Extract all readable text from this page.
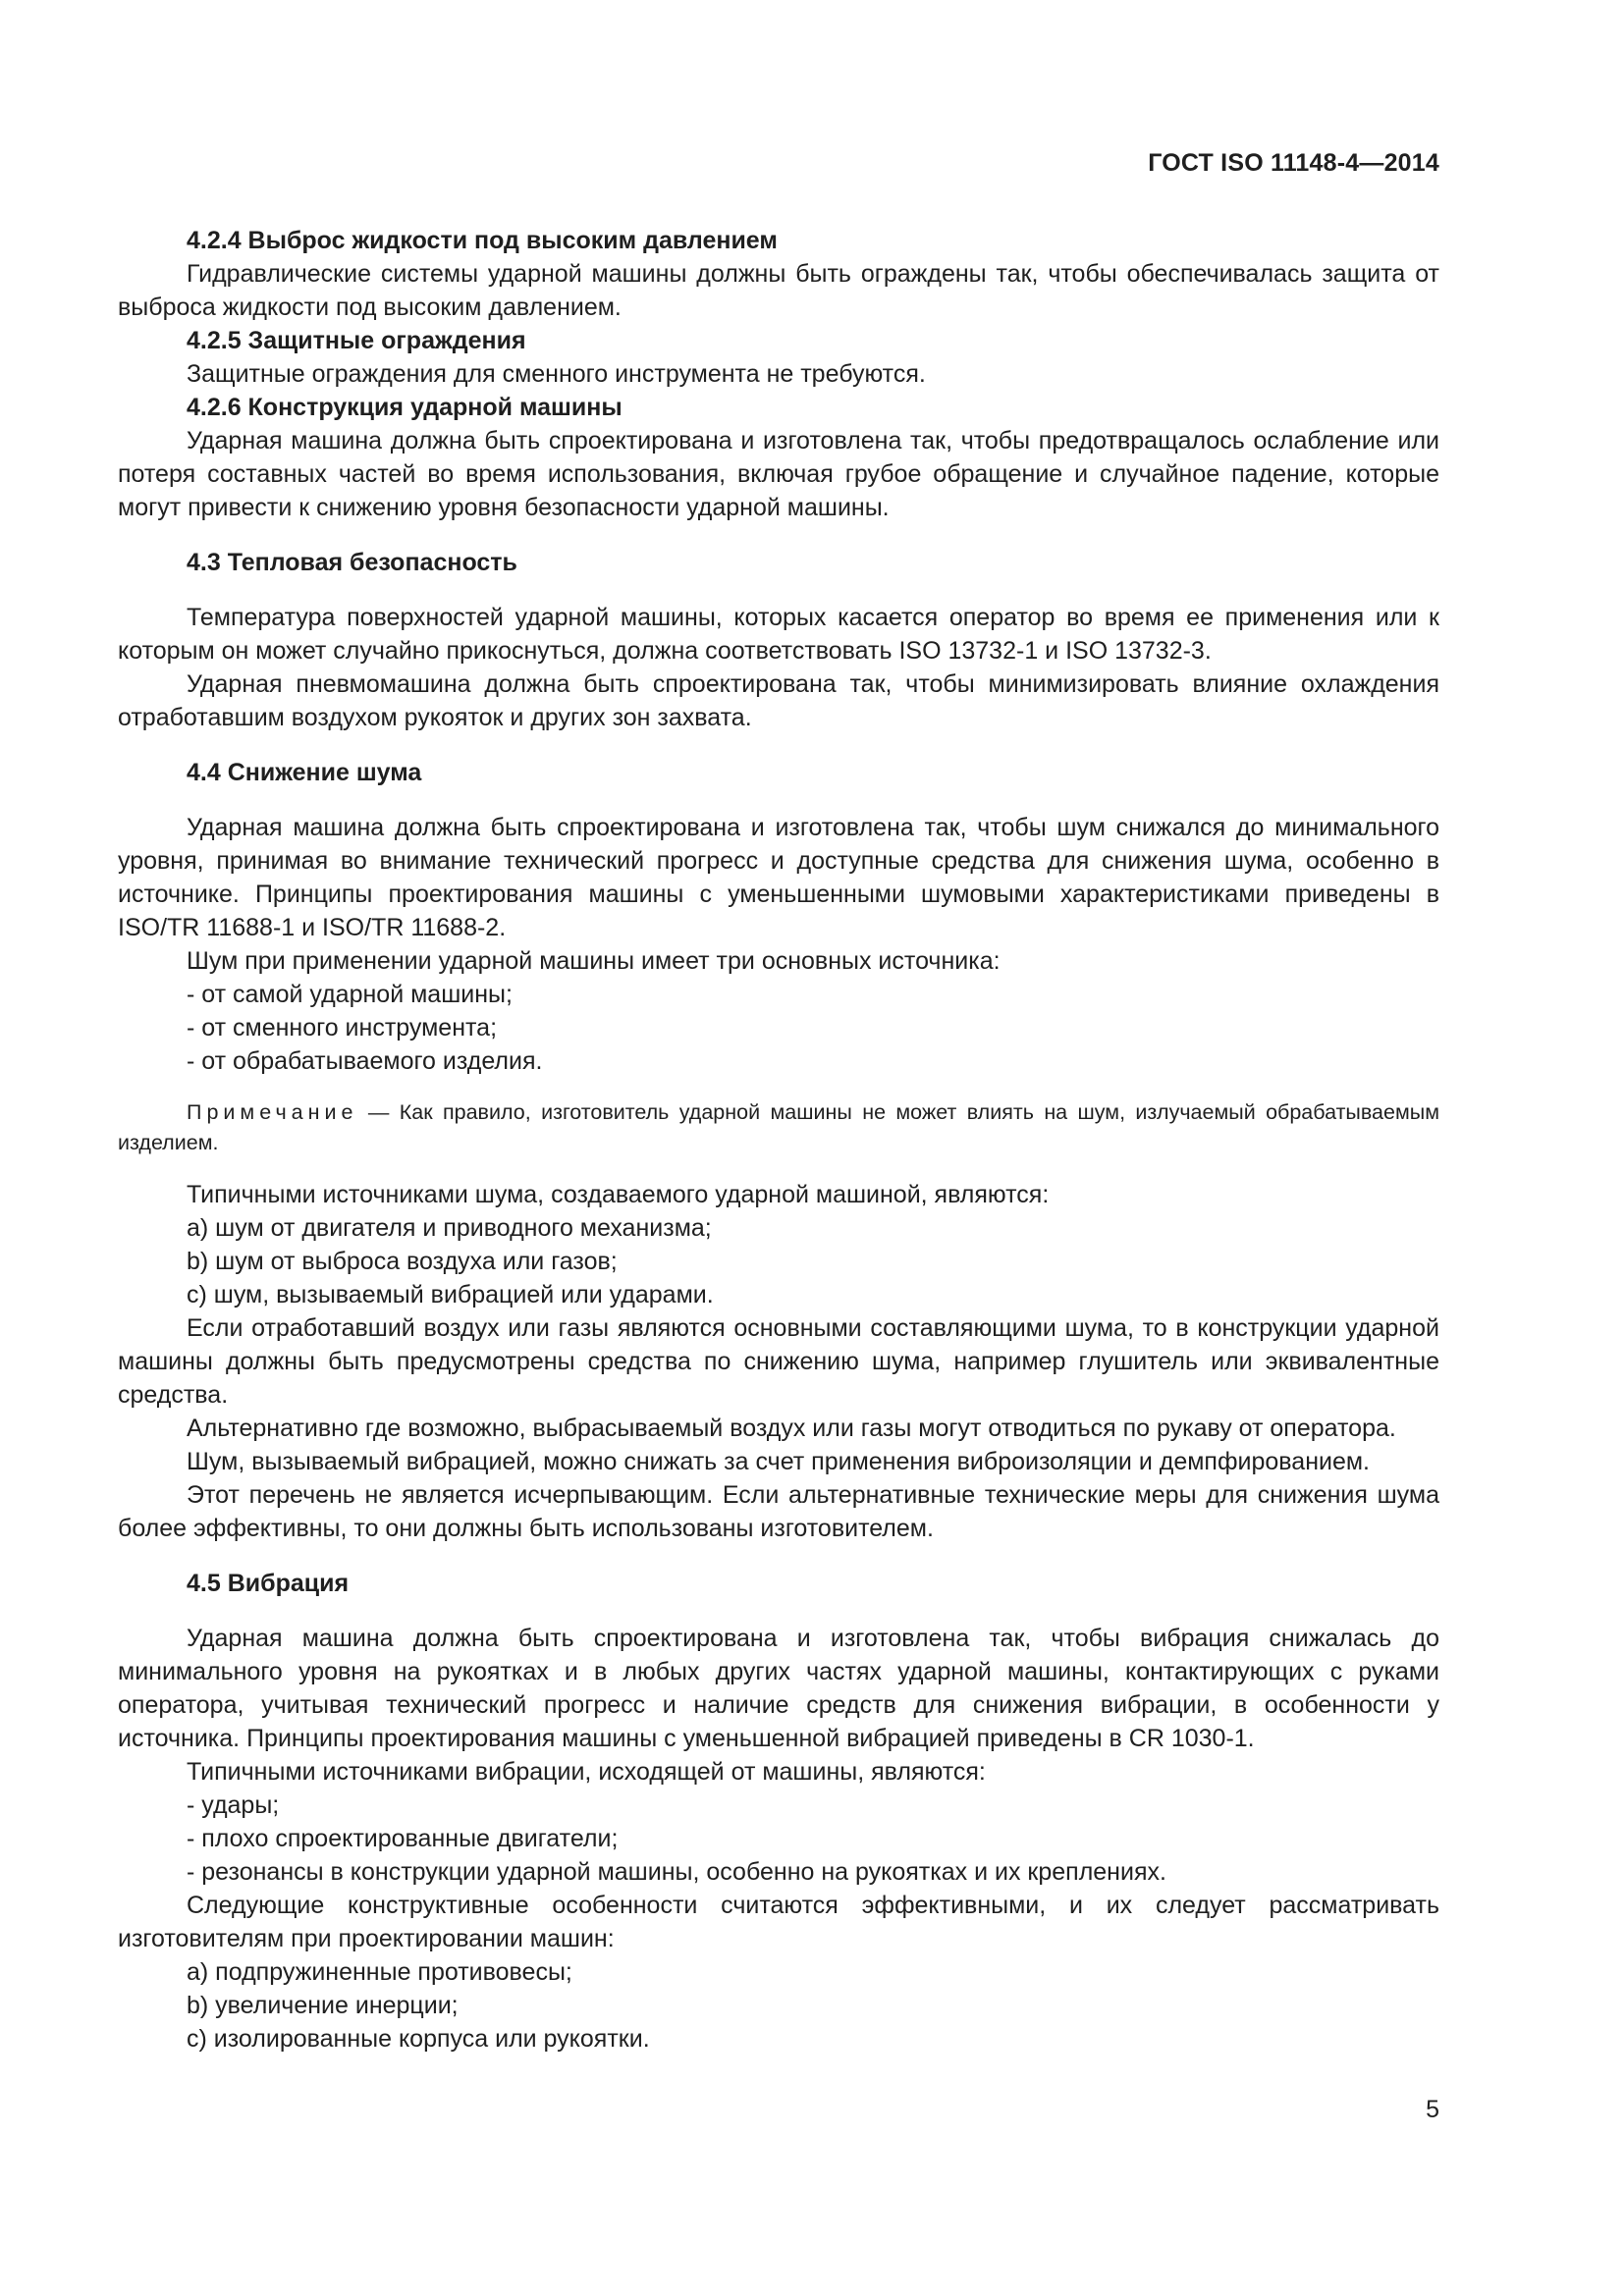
ГОСТ ISO 11148-4—2014
4.2.4 Выброс жидкости под высоким давлением

Гидравлические системы ударной машины должны быть ограждены так, чтобы обеспечивалась защита от выброса жидкости под высоким давлением.

4.2.5 Защитные ограждения

Защитные ограждения для сменного инструмента не требуются.

4.2.6 Конструкция ударной машины

Ударная машина должна быть спроектирована и изготовлена так, чтобы предотвращалось ослабление или потеря составных частей во время использования, включая грубое обращение и случайное падение, которые могут привести к снижению уровня безопасности ударной машины.

4.3 Тепловая безопасность

Температура поверхностей ударной машины, которых касается оператор во время ее применения или к которым он может случайно прикоснуться, должна соответствовать ISO 13732-1 и ISO 13732-3.

Ударная пневмомашина должна быть спроектирована так, чтобы минимизировать влияние охлаждения отработавшим воздухом рукояток и других зон захвата.

4.4 Снижение шума

Ударная машина должна быть спроектирована и изготовлена так, чтобы шум снижался до минимального уровня, принимая во внимание технический прогресс и доступные средства для снижения шума, особенно в источнике. Принципы проектирования машины с уменьшенными шумовыми характеристиками приведены в ISO/TR 11688-1 и ISO/TR 11688-2.

Шум при применении ударной машины имеет три основных источника:

- от самой ударной машины;
- от сменного инструмента;
- от обрабатываемого изделия.
Примечание — Как правило, изготовитель ударной машины не может влиять на шум, излучаемый обрабатываемым изделием.

Типичными источниками шума, создаваемого ударной машиной, являются:

a) шум от двигателя и приводного механизма;
b) шум от выброса воздуха или газов;
c) шум, вызываемый вибрацией или ударами.

Если отработавший воздух или газы являются основными составляющими шума, то в конструкции ударной машины должны быть предусмотрены средства по снижению шума, например глушитель или эквивалентные средства.

Альтернативно где возможно, выбрасываемый воздух или газы могут отводиться по рукаву от оператора.

Шум, вызываемый вибрацией, можно снижать за счет применения виброизоляции и демпфированием.

Этот перечень не является исчерпывающим. Если альтернативные технические меры для снижения шума более эффективны, то они должны быть использованы изготовителем.

4.5 Вибрация

Ударная машина должна быть спроектирована и изготовлена так, чтобы вибрация снижалась до минимального уровня на рукоятках и в любых других частях ударной машины, контактирующих с руками оператора, учитывая технический прогресс и наличие средств для снижения вибрации, в особенности у источника. Принципы проектирования машины с уменьшенной вибрацией приведены в CR 1030-1.

Типичными источниками вибрации, исходящей от машины, являются:

- удары;
- плохо спроектированные двигатели;
- резонансы в конструкции ударной машины, особенно на рукоятках и их креплениях.

Следующие конструктивные особенности считаются эффективными, и их следует рассматривать изготовителям при проектировании машин:

a) подпружиненные противовесы;
b) увеличение инерции;
c) изолированные корпуса или рукоятки.
5
